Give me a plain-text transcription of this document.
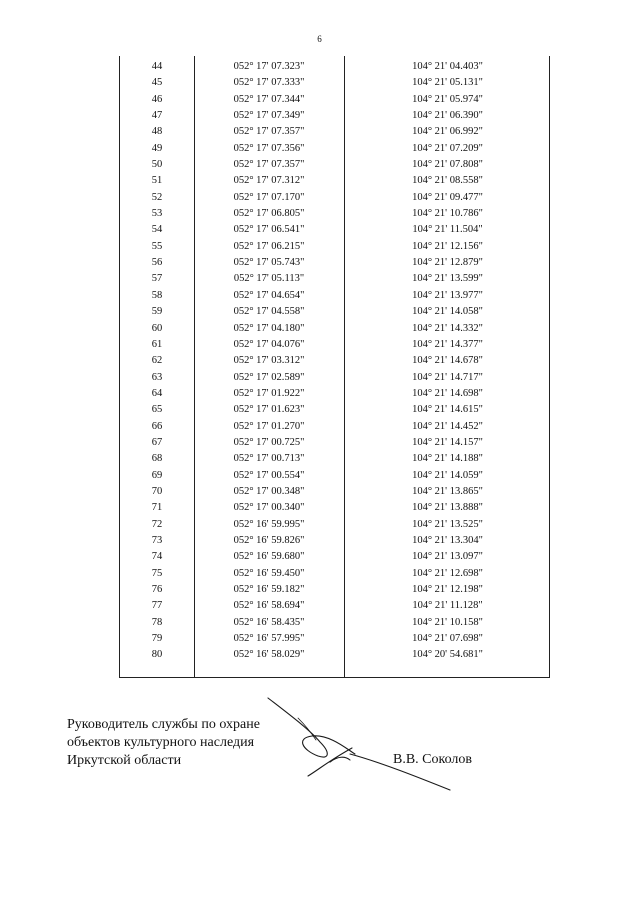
6
44	052° 17' 07.323"	104° 21' 04.403"
45	052° 17' 07.333"	104° 21' 05.131"
46	052° 17' 07.344"	104° 21' 05.974"
47	052° 17' 07.349"	104° 21' 06.390"
48	052° 17' 07.357"	104° 21' 06.992"
49	052° 17' 07.356"	104° 21' 07.209"
50	052° 17' 07.357"	104° 21' 07.808"
51	052° 17' 07.312"	104° 21' 08.558"
52	052° 17' 07.170"	104° 21' 09.477"
53	052° 17' 06.805"	104° 21' 10.786"
54	052° 17' 06.541"	104° 21' 11.504"
55	052° 17' 06.215"	104° 21' 12.156"
56	052° 17' 05.743"	104° 21' 12.879"
57	052° 17' 05.113"	104° 21' 13.599"
58	052° 17' 04.654"	104° 21' 13.977"
59	052° 17' 04.558"	104° 21' 14.058"
60	052° 17' 04.180"	104° 21' 14.332"
61	052° 17' 04.076"	104° 21' 14.377"
62	052° 17' 03.312"	104° 21' 14.678"
63	052° 17' 02.589"	104° 21' 14.717"
64	052° 17' 01.922"	104° 21' 14.698"
65	052° 17' 01.623"	104° 21' 14.615"
66	052° 17' 01.270"	104° 21' 14.452"
67	052° 17' 00.725"	104° 21' 14.157"
68	052° 17' 00.713"	104° 21' 14.188"
69	052° 17' 00.554"	104° 21' 14.059"
70	052° 17' 00.348"	104° 21' 13.865"
71	052° 17' 00.340"	104° 21' 13.888"
72	052° 16' 59.995"	104° 21' 13.525"
73	052° 16' 59.826"	104° 21' 13.304"
74	052° 16' 59.680"	104° 21' 13.097"
75	052° 16' 59.450"	104° 21' 12.698"
76	052° 16' 59.182"	104° 21' 12.198"
77	052° 16' 58.694"	104° 21' 11.128"
78	052° 16' 58.435"	104° 21' 10.158"
79	052° 16' 57.995"	104° 21' 07.698"
80	052° 16' 58.029"	104° 20' 54.681"
Руководитель службы по охране
объектов культурного наследия
Иркутской области	В.В. Соколов
